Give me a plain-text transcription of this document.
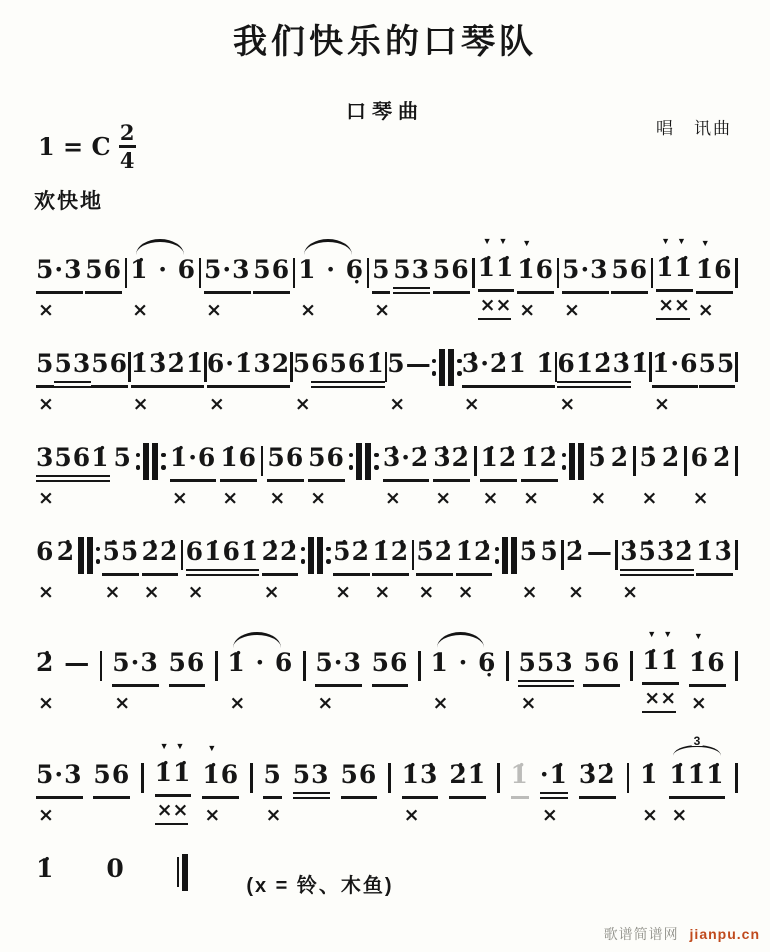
我们快乐的口琴队
口琴曲
1 = C 2
4
唱　讯曲
欢快地
5·3
×
56 1̇ · 6
×
5·3
×
56 1 · 6̣
×
5
×
53 56
▼▼
1̇1̇
××
▼
1̇6
×
5·3
×
56
▼▼
1̇1̇
××
▼
1̇6
×
5
×
53 56 1̇3̇
×
2̇1̇ 6·1̇
×
32 5
×
6561̇ 5
×
— 3̇·2̇
×
1̇ 1̇ 61̇2̇3̇
×
1̇ 1̇·6
×
55
3561̇
×
5 1̇·6
×
1̇6
×
56
×
56
×
3̇·2̇
×
3̇2̇
×
1̇2̇
×
1̇2̇
×
5̇
×
2̇ 5̇
×
2̇ 6
×
2̇
6
×
2̇ 5̇5̇
×
2̇2̇
×
61̇61̇
×
2̇2̇
×
5̇2̇
×
1̇2̇
×
5̇2̇
×
1̇2̇
×
5̇
×
5̇ 2̇
×
— 3̇5̇3̇2̇
×
1̇3̇
2̇
×
— 5·3
×
56 1̇ · 6
×
5·3
×
56 1 · 6̣
×
553
×
56
▼▼
1̇1̇
××
▼
1̇6
×
5·3
×
56
▼▼
1̇1̇
××
▼
1̇6
×
5
×
53 56 1̇3̇
×
2̇1̇ 1̇ ·1̇
×
3̇2̇ 1̇
×
3
1̇1̇1̇
×
1̇ 0
(x = 铃、木鱼)
歌谱简谱网 jianpu.cn
